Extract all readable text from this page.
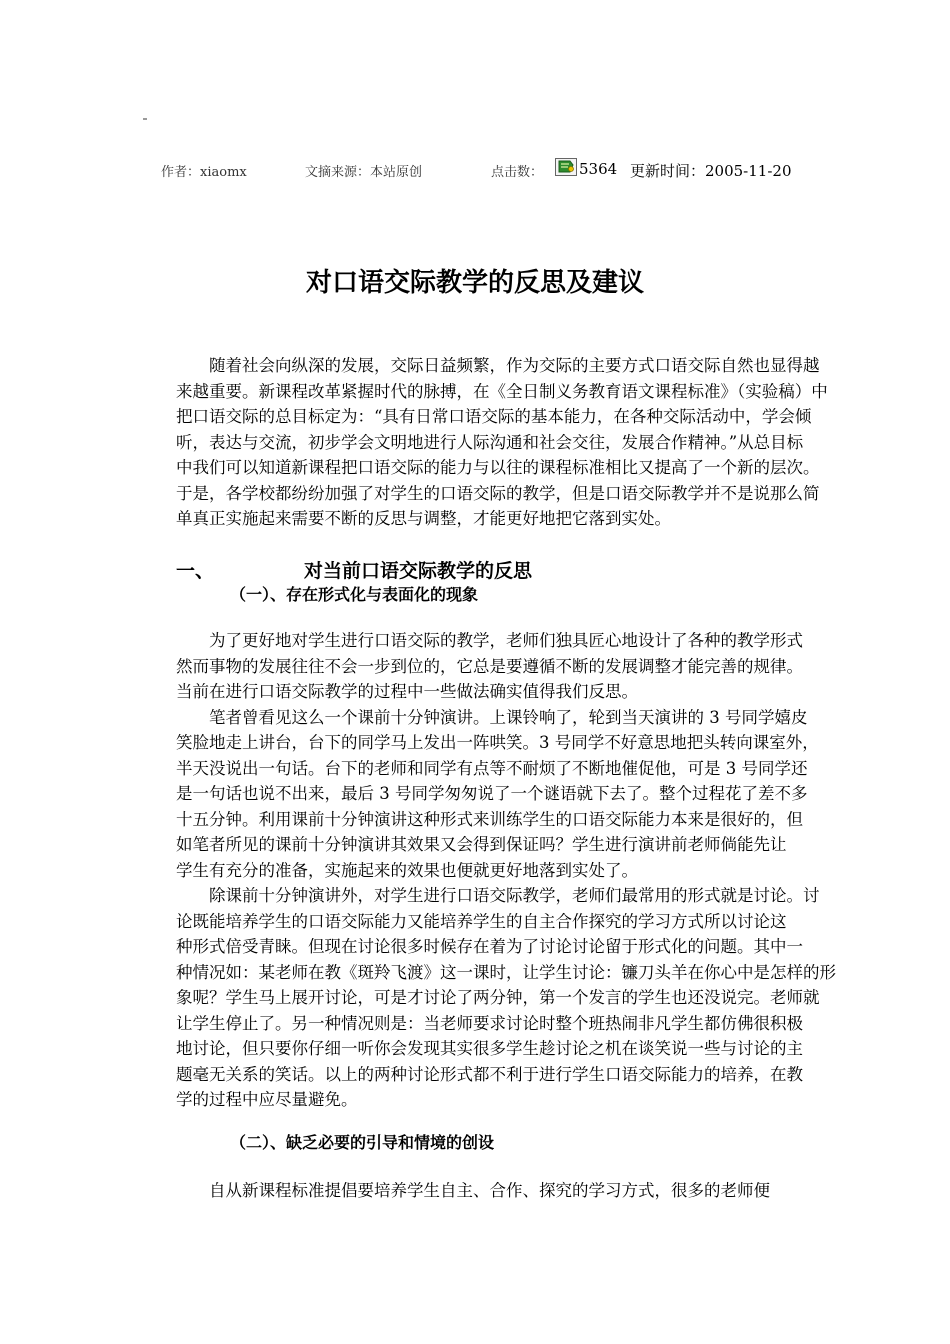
作者：xiaomx	文摘来源：本站原创	点击数： 5364 更新时间：2005-11-20
对口语交际教学的反思及建议
　　随着社会向纵深的发展，交际日益频繁，作为交际的主要方式口语交际自然也显得越
来越重要。新课程改革紧握时代的脉搏，在《全日制义务教育语文课程标准》（实验稿）中
把口语交际的总目标定为：“具有日常口语交际的基本能力，在各种交际活动中，学会倾
听，表达与交流，初步学会文明地进行人际沟通和社会交往，发展合作精神。”从总目标
中我们可以知道新课程把口语交际的能力与以往的课程标准相比又提高了一个新的层次。
于是，各学校都纷纷加强了对学生的口语交际的教学，但是口语交际教学并不是说那么简
单真正实施起来需要不断的反思与调整，才能更好地把它落到实处。
一、	对当前口语交际教学的反思
（一）、存在形式化与表面化的现象
　　为了更好地对学生进行口语交际的教学，老师们独具匠心地设计了各种的教学形式
然而事物的发展往往不会一步到位的，它总是要遵循不断的发展调整才能完善的规律。
当前在进行口语交际教学的过程中一些做法确实值得我们反思。
　　笔者曾看见这么一个课前十分钟演讲。上课铃响了，轮到当天演讲的 3 号同学嬉皮
笑脸地走上讲台，台下的同学马上发出一阵哄笑。3 号同学不好意思地把头转向课室外，
半天没说出一句话。台下的老师和同学有点等不耐烦了不断地催促他，可是 3 号同学还
是一句话也说不出来，最后 3 号同学匆匆说了一个谜语就下去了。整个过程花了差不多
十五分钟。利用课前十分钟演讲这种形式来训练学生的口语交际能力本来是很好的，但
如笔者所见的课前十分钟演讲其效果又会得到保证吗？学生进行演讲前老师倘能先让
学生有充分的准备，实施起来的效果也便就更好地落到实处了。
　　除课前十分钟演讲外，对学生进行口语交际教学，老师们最常用的形式就是讨论。讨
论既能培养学生的口语交际能力又能培养学生的自主合作探究的学习方式所以讨论这
种形式倍受青睐。但现在讨论很多时候存在着为了讨论讨论留于形式化的问题。其中一
种情况如：某老师在教《斑羚飞渡》这一课时，让学生讨论：镰刀头羊在你心中是怎样的形
象呢？学生马上展开讨论，可是才讨论了两分钟，第一个发言的学生也还没说完。老师就
让学生停止了。另一种情况则是：当老师要求讨论时整个班热闹非凡学生都仿佛很积极
地讨论，但只要你仔细一听你会发现其实很多学生趁讨论之机在谈笑说一些与讨论的主
题毫无关系的笑话。以上的两种讨论形式都不利于进行学生口语交际能力的培养，在教
学的过程中应尽量避免。
（二）、缺乏必要的引导和情境的创设
　　自从新课程标准提倡要培养学生自主、合作、探究的学习方式，很多的老师便
